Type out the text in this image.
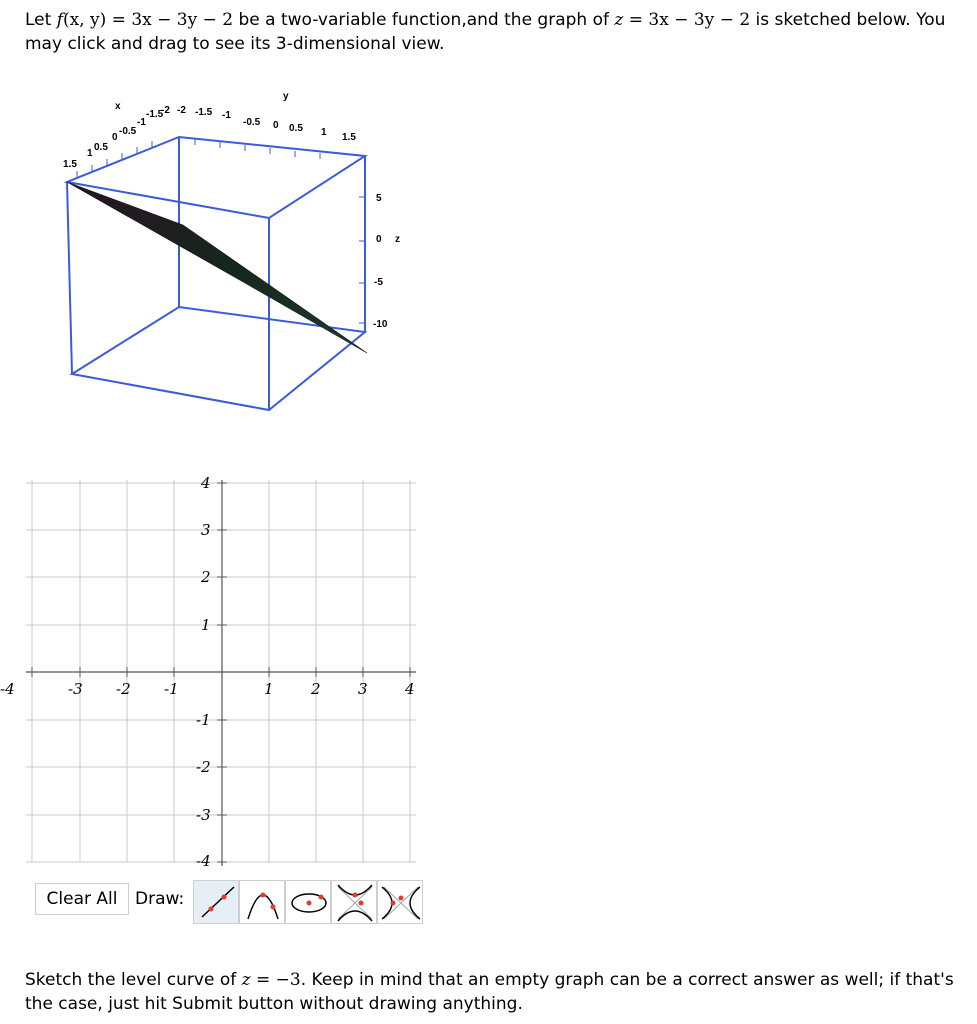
Let f(x, y) = 3x − 3y − 2 be a two-variable function,and the graph of z = 3x − 3y − 2 is sketched below. You may click and drag to see its 3-dimensional view.
x
y
z
1.5
1
0.5
0
-0.5
-1
-1.5
-2 -2 -1.5 -1
-0.5 0 0.5 1 1.5
5
0
-5
-10
-4	-3 -2 -1	1 2 3 4
4
3
2
1
-1
-2
-3
-4
Clear All	Draw:
Sketch the level curve of z = −3. Keep in mind that an empty graph can be a correct answer as well; if that's the case, just hit Submit button without drawing anything.
